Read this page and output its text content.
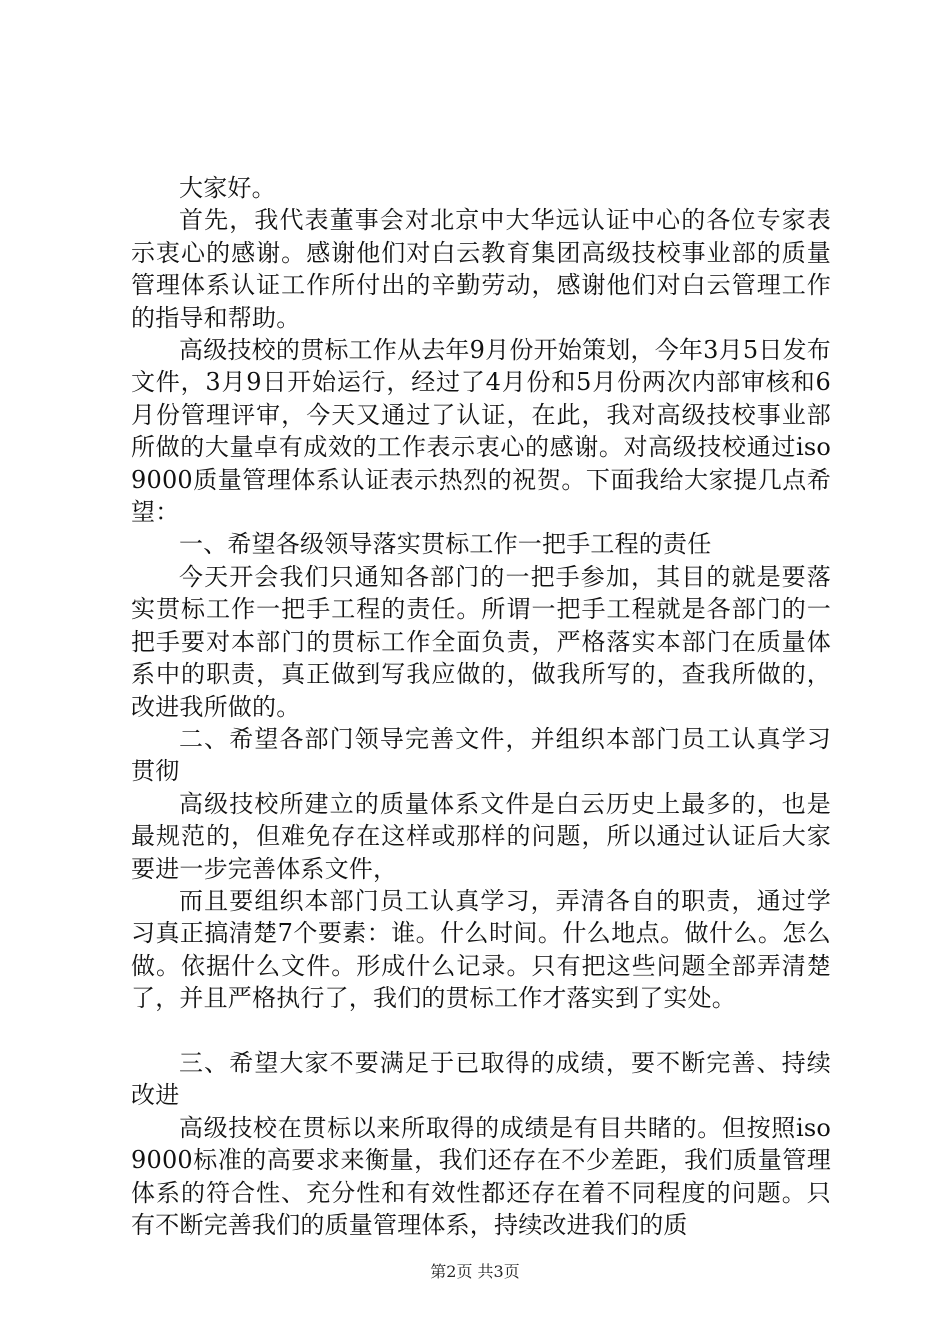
大家好。

首先，我代表董事会对北京中大华远认证中心的各位专家表示衷心的感谢。感谢他们对白云教育集团高级技校事业部的质量管理体系认证工作所付出的辛勤劳动，感谢他们对白云管理工作的指导和帮助。

高级技校的贯标工作从去年9月份开始策划，今年3月5日发布文件，3月9日开始运行，经过了4月份和5月份两次内部审核和6月份管理评审，今天又通过了认证，在此，我对高级技校事业部所做的大量卓有成效的工作表示衷心的感谢。对高级技校通过iso9000质量管理体系认证表示热烈的祝贺。下面我给大家提几点希望：

一、希望各级领导落实贯标工作一把手工程的责任

今天开会我们只通知各部门的一把手参加，其目的就是要落实贯标工作一把手工程的责任。所谓一把手工程就是各部门的一把手要对本部门的贯标工作全面负责，严格落实本部门在质量体系中的职责，真正做到写我应做的，做我所写的，查我所做的，改进我所做的。

二、希望各部门领导完善文件，并组织本部门员工认真学习贯彻

高级技校所建立的质量体系文件是白云历史上最多的，也是最规范的，但难免存在这样或那样的问题，所以通过认证后大家要进一步完善体系文件，

而且要组织本部门员工认真学习，弄清各自的职责，通过学习真正搞清楚7个要素：谁。什么时间。什么地点。做什么。怎么做。依据什么文件。形成什么记录。只有把这些问题全部弄清楚了，并且严格执行了，我们的贯标工作才落实到了实处。

三、希望大家不要满足于已取得的成绩，要不断完善、持续改进

高级技校在贯标以来所取得的成绩是有目共睹的。但按照iso9000标准的高要求来衡量，我们还存在不少差距，我们质量管理体系的符合性、充分性和有效性都还存在着不同程度的问题。只有不断完善我们的质量管理体系，持续改进我们的质

第2页 共3页
